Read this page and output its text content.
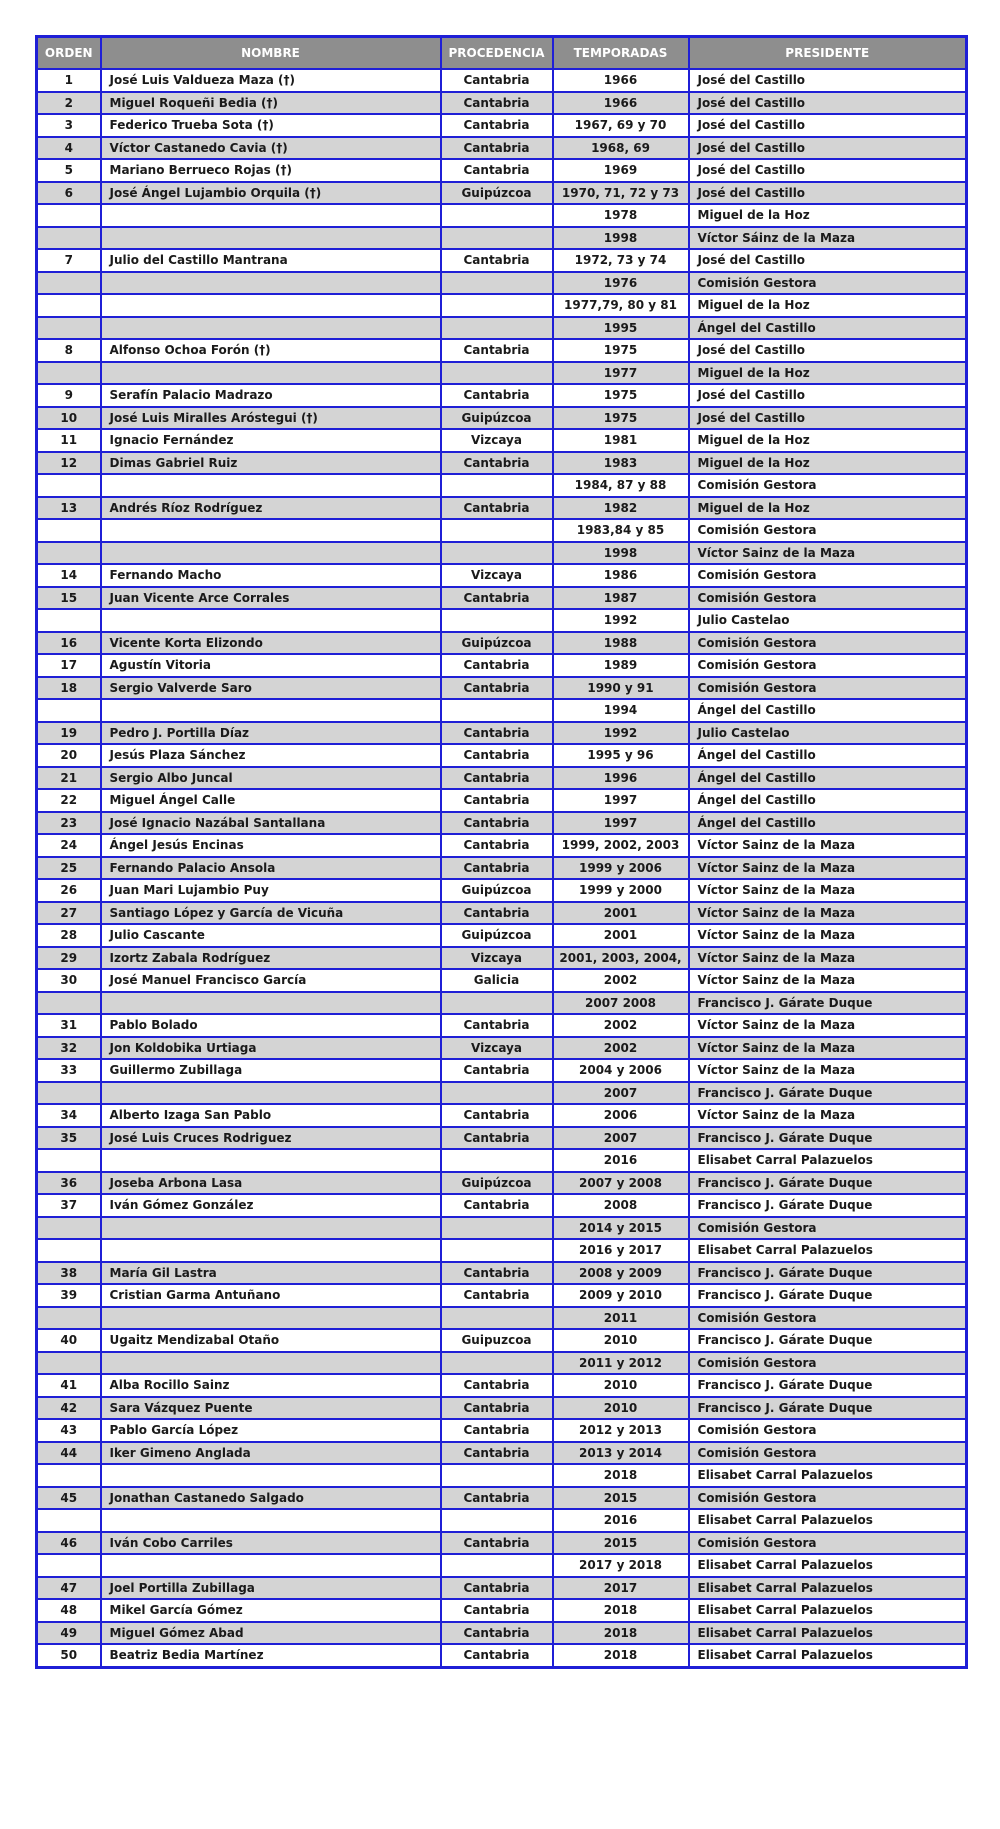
ORDEN	NOMBRE	PROCEDENCIA	TEMPORADAS	PRESIDENTE
1	José Luis Valdueza Maza (†)	Cantabria	1966	José del Castillo
2	Miguel Roqueñi Bedia (†)	Cantabria	1966	José del Castillo
3	Federico Trueba Sota (†)	Cantabria	1967, 69 y 70	José del Castillo
4	Víctor Castanedo Cavia (†)	Cantabria	1968, 69	José del Castillo
5	Mariano Berrueco Rojas (†)	Cantabria	1969	José del Castillo
6	José Ángel Lujambio Orquila (†)	Guipúzcoa	1970, 71, 72 y 73	José del Castillo
			1978	Miguel de la Hoz
			1998	Víctor Sáinz de la Maza
7	Julio del Castillo Mantrana	Cantabria	1972, 73 y 74	José del Castillo
			1976	Comisión Gestora
			1977,79, 80 y 81	Miguel de la Hoz
			1995	Ángel del Castillo
8	Alfonso Ochoa Forón (†)	Cantabria	1975	José del Castillo
			1977	Miguel de la Hoz
9	Serafín Palacio Madrazo	Cantabria	1975	José del Castillo
10	José Luis Miralles Aróstegui (†)	Guipúzcoa	1975	José del Castillo
11	Ignacio Fernández	Vizcaya	1981	Miguel de la Hoz
12	Dimas Gabriel Ruiz	Cantabria	1983	Miguel de la Hoz
			1984, 87 y 88	Comisión Gestora
13	Andrés Ríoz Rodríguez	Cantabria	1982	Miguel de la Hoz
			1983,84 y 85	Comisión Gestora
			1998	Víctor Sainz de la Maza
14	Fernando Macho	Vizcaya	1986	Comisión Gestora
15	Juan Vicente Arce Corrales	Cantabria	1987	Comisión Gestora
			1992	Julio Castelao
16	Vicente Korta Elizondo	Guipúzcoa	1988	Comisión Gestora
17	Agustín Vitoria	Cantabria	1989	Comisión Gestora
18	Sergio Valverde Saro	Cantabria	1990 y 91	Comisión Gestora
			1994	Ángel del Castillo
19	Pedro J. Portilla Díaz	Cantabria	1992	Julio Castelao
20	Jesús Plaza Sánchez	Cantabria	1995 y 96	Ángel del Castillo
21	Sergio Albo Juncal	Cantabria	1996	Ángel del Castillo
22	Miguel Ángel Calle	Cantabria	1997	Ángel del Castillo
23	José Ignacio Nazábal Santallana	Cantabria	1997	Ángel del Castillo
24	Ángel Jesús Encinas	Cantabria	1999, 2002, 2003	Víctor Sainz de la Maza
25	Fernando Palacio Ansola	Cantabria	1999 y 2006	Víctor Sainz de la Maza
26	Juan Mari Lujambio Puy	Guipúzcoa	1999 y 2000	Víctor Sainz de la Maza
27	Santiago López y García de Vicuña	Cantabria	2001	Víctor Sainz de la Maza
28	Julio Cascante	Guipúzcoa	2001	Víctor Sainz de la Maza
29	Izortz Zabala Rodríguez	Vizcaya	2001, 2003, 2004,	Víctor Sainz de la Maza
30	José Manuel Francisco García	Galicia	2002	Víctor Sainz de la Maza
			2007 2008	Francisco J. Gárate Duque
31	Pablo Bolado	Cantabria	2002	Víctor Sainz de la Maza
32	Jon Koldobika Urtiaga	Vizcaya	2002	Víctor Sainz de la Maza
33	Guillermo Zubillaga	Cantabria	2004 y 2006	Víctor Sainz de la Maza
			2007	Francisco J. Gárate Duque
34	Alberto Izaga San Pablo	Cantabria	2006	Víctor Sainz de la Maza
35	José Luis Cruces Rodriguez	Cantabria	2007	Francisco J. Gárate Duque
			2016	Elisabet Carral Palazuelos
36	Joseba Arbona Lasa	Guipúzcoa	2007 y 2008	Francisco J. Gárate Duque
37	Iván Gómez González	Cantabria	2008	Francisco J. Gárate Duque
			2014 y 2015	Comisión Gestora
			2016 y 2017	Elisabet Carral Palazuelos
38	María Gil Lastra	Cantabria	2008 y 2009	Francisco J. Gárate Duque
39	Cristian Garma Antuñano	Cantabria	2009 y 2010	Francisco J. Gárate Duque
			2011	Comisión Gestora
40	Ugaitz Mendizabal Otaño	Guipuzcoa	2010	Francisco J. Gárate Duque
			2011 y 2012	Comisión Gestora
41	Alba Rocillo Sainz	Cantabria	2010	Francisco J. Gárate Duque
42	Sara Vázquez Puente	Cantabria	2010	Francisco J. Gárate Duque
43	Pablo García López	Cantabria	2012 y 2013	Comisión Gestora
44	Iker Gimeno Anglada	Cantabria	2013 y 2014	Comisión Gestora
			2018	Elisabet Carral Palazuelos
45	Jonathan Castanedo Salgado	Cantabria	2015	Comisión Gestora
			2016	Elisabet Carral Palazuelos
46	Iván Cobo Carriles	Cantabria	2015	Comisión Gestora
			2017 y 2018	Elisabet Carral Palazuelos
47	Joel Portilla Zubillaga	Cantabria	2017	Elisabet Carral Palazuelos
48	Mikel García Gómez	Cantabria	2018	Elisabet Carral Palazuelos
49	Miguel Gómez Abad	Cantabria	2018	Elisabet Carral Palazuelos
50	Beatriz Bedia Martínez	Cantabria	2018	Elisabet Carral Palazuelos
